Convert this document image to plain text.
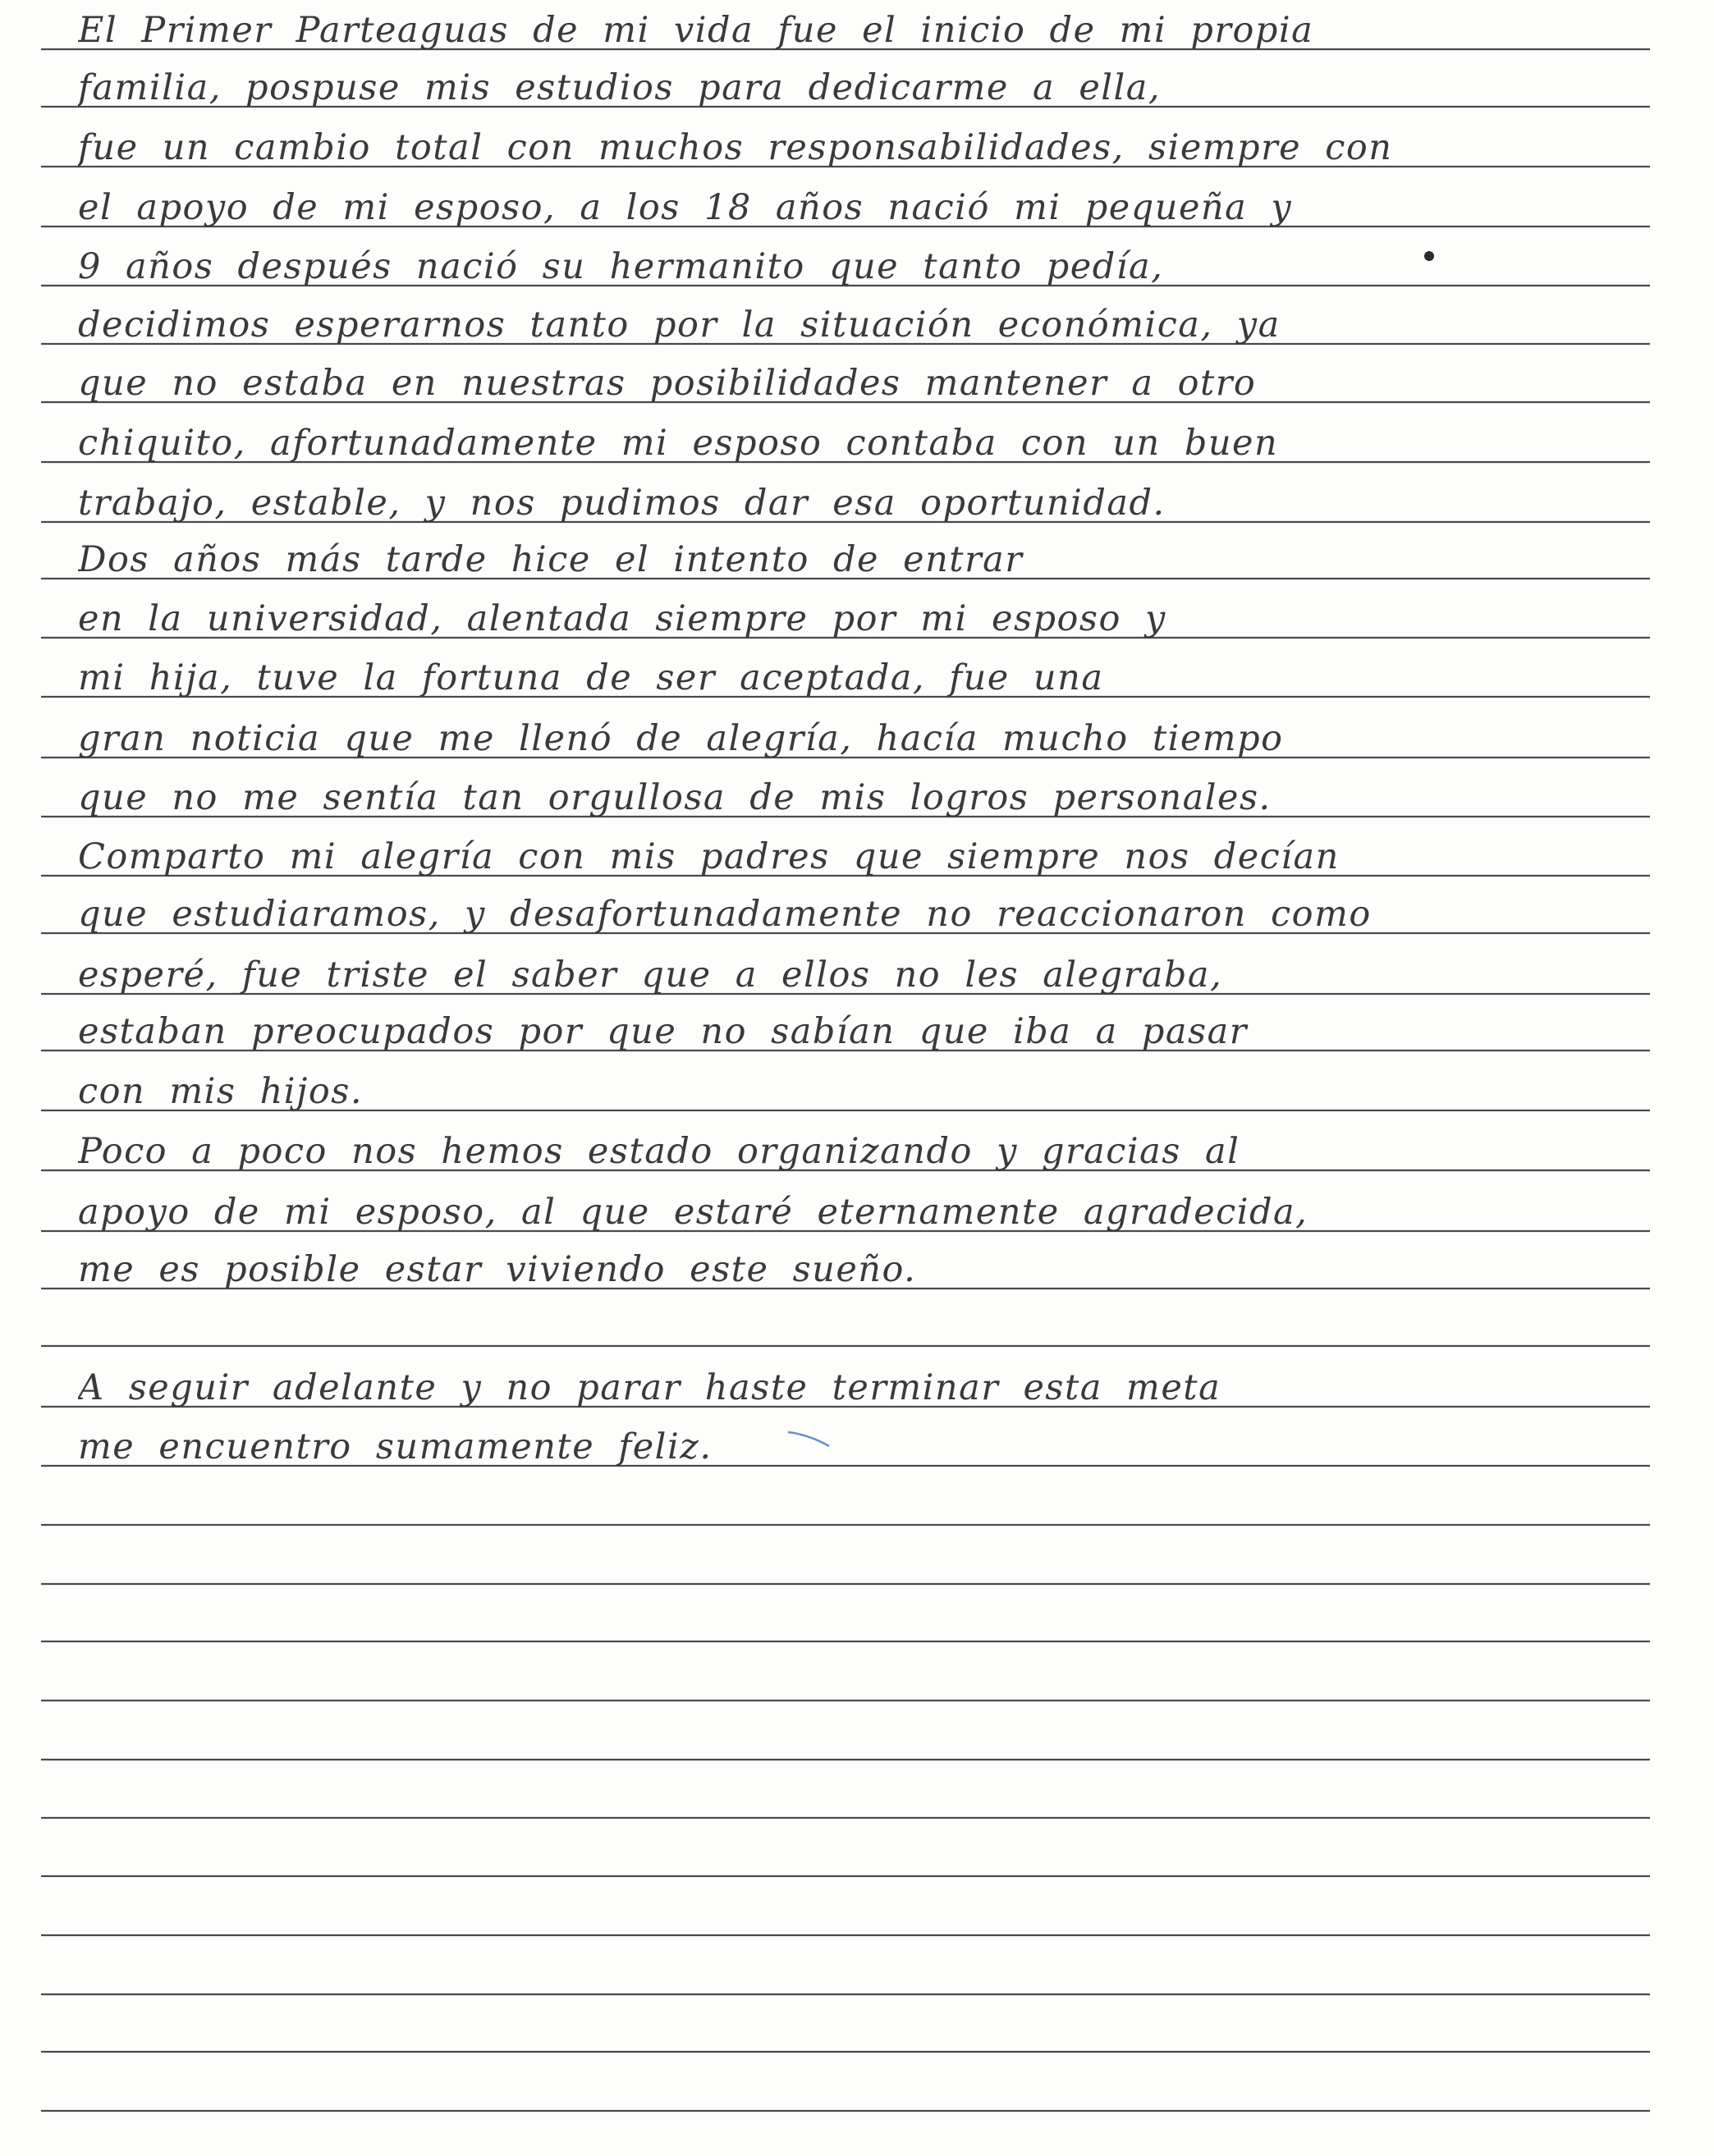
El Primer Parteaguas de mi vida fue el inicio de mi propia
familia, pospuse mis estudios para dedicarme a ella,
fue un cambio total con muchos responsabilidades, siempre con
el apoyo de mi esposo, a los 18 años nació mi pequeña y
9 años después nació su hermanito que tanto pedía,
decidimos esperarnos tanto por la situación económica, ya
que no estaba en nuestras posibilidades mantener a otro
chiquito, afortunadamente mi esposo contaba con un buen
trabajo, estable, y nos pudimos dar esa oportunidad.
Dos años más tarde hice el intento de entrar
en la universidad, alentada siempre por mi esposo y
mi hija, tuve la fortuna de ser aceptada, fue una
gran noticia que me llenó de alegría, hacía mucho tiempo
que no me sentía tan orgullosa de mis logros personales.
Comparto mi alegría con mis padres que siempre nos decían
que estudiaramos, y desafortunadamente no reaccionaron como
esperé, fue triste el saber que a ellos no les alegraba,
estaban preocupados por que no sabían que iba a pasar
con mis hijos.
Poco a poco nos hemos estado organizando y gracias al
apoyo de mi esposo, al que estaré eternamente agradecida,
me es posible estar viviendo este sueño.
A seguir adelante y no parar haste terminar esta meta
me encuentro sumamente feliz.
